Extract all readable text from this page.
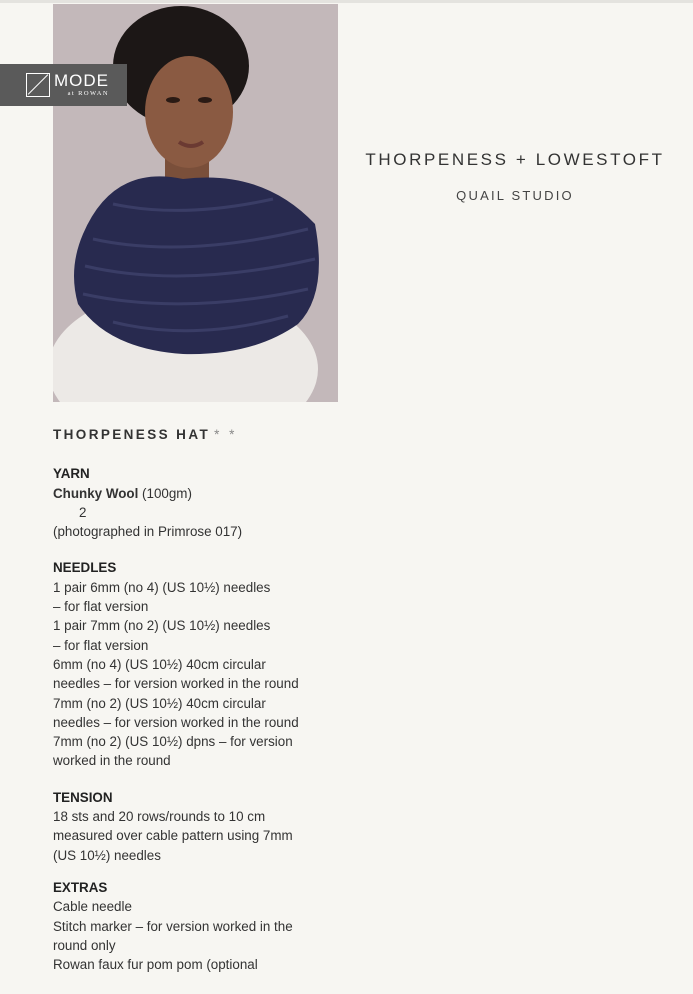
MODE
at ROWAN
THORPENESS + LOWESTOFT
QUAIL STUDIO
THORPENESS HAT * *
YARN
Chunky Wool (100gm)
2
(photographed in Primrose 017)
NEEDLES
1 pair 6mm (no 4) (US 10½) needles
– for flat version
1 pair 7mm (no 2) (US 10½) needles
– for flat version
6mm (no 4) (US 10½) 40cm circular
needles – for version worked in the round
7mm (no 2) (US 10½) 40cm circular
needles – for version worked in the round
7mm (no 2) (US 10½) dpns – for version
worked in the round
TENSION
18 sts and 20 rows/rounds to 10 cm
measured over cable pattern using 7mm
(US 10½) needles
EXTRAS
Cable needle
Stitch marker – for version worked in the
round only
Rowan faux fur pom pom (optional
